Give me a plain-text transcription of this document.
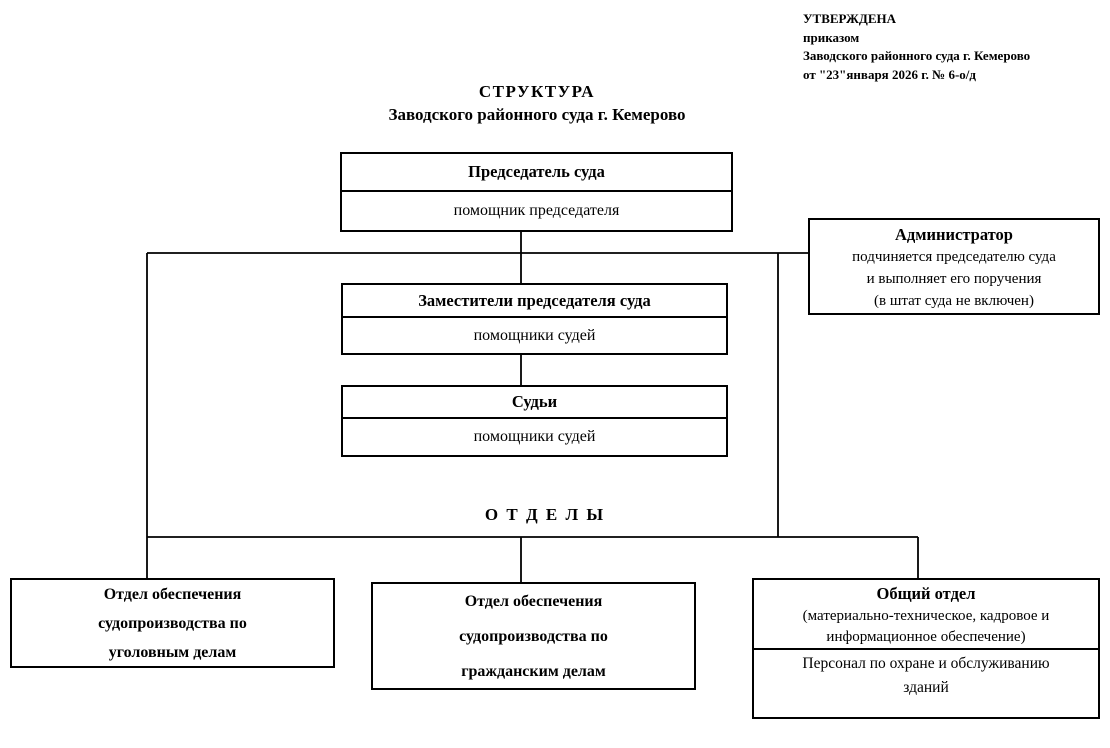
УТВЕРЖДЕНА
приказом
Заводского районного суда г. Кемерово
от "23"января 2026 г. № 6-о/д
СТРУКТУРА
Заводского районного суда г. Кемерово
Председатель суда
помощник председателя
Администратор
подчиняется председателю суда
и выполняет его поручения
(в штат суда не включен)
Заместители председателя суда
помощники судей
Судьи
помощники судей
О Т Д Е Л Ы
Отдел обеспечения
судопроизводства по
уголовным делам
Отдел обеспечения
судопроизводства по
гражданским делам
Общий отдел
(материально-техническое, кадровое и
информационное обеспечение)
Персонал по охране и обслуживанию
зданий
